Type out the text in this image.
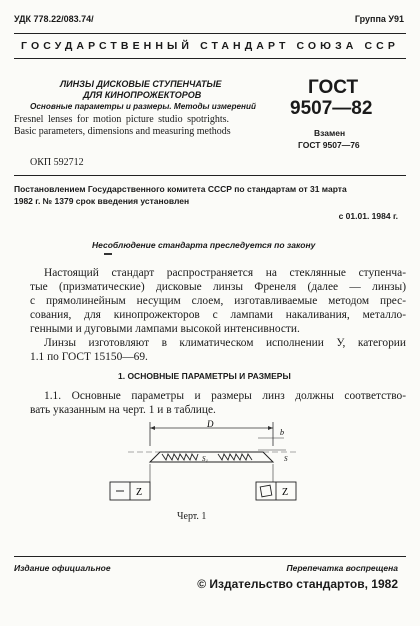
УДК 778.22/083.74/	Группа У91
ГОСУДАРСТВЕННЫЙ СТАНДАРТ СОЮЗА ССР
ЛИНЗЫ ДИСКОВЫЕ СТУПЕНЧАТЫЕ
ДЛЯ КИНОПРОЖЕКТОРОВ
Основные параметры и размеры. Методы измерений
Fresnel lenses for motion picture studio spotrights.
Basic parameters, dimensions and measuring methods
ГОСТ
9507—82
Взамен
ГОСТ 9507—76
ОКП 592712
Постановлением Государственного комитета СССР по стандартам от 31 марта
1982 г. № 1379 срок введения установлен
с 01.01. 1984 г.
Несоблюдение стандарта преследуется по закону
Настоящий стандарт распространяется на стеклянные ступенча-
тые (призматические) дисковые линзы Френеля (далее — линзы)
с прямолинейным несущим слоем, изготавливаемые методом прес-
сования, для кинопрожекторов с лампами накаливания, металло-
генными и дуговыми лампами высокой интенсивности.
Линзы изготовляют в климатическом исполнении У, категории
1.1 по ГОСТ 15150—69.
1. ОСНОВНЫЕ ПАРАМЕТРЫ И РАЗМЕРЫ
1.1. Основные параметры и размеры линз должны соответство-
вать указанным на черт. 1 и в таблице.
D
b
S
S₁
Z	Z
Черт. 1
Издание официальное	Перепечатка воспрещена
© Издательство стандартов, 1982
